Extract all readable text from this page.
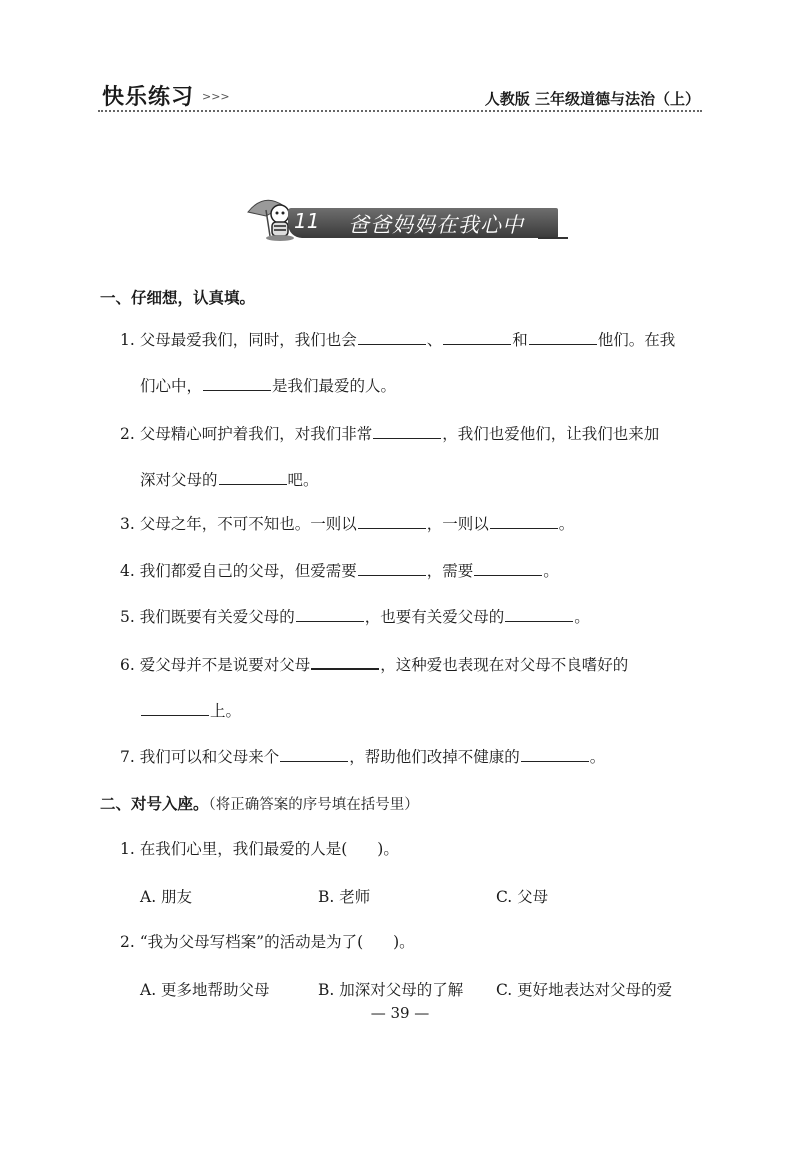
快乐练习 >>>	人教版 三年级道德与法治（上）
11 爸爸妈妈在我心中
一、仔细想，认真填。
1. 父母最爱我们，同时，我们也会	、	和	他们。在我
们心中，	是我们最爱的人。
2. 父母精心呵护着我们，对我们非常	，我们也爱他们，让我们也来加
深对父母的	吧。
3. 父母之年，不可不知也。一则以	，一则以	。
4. 我们都爱自己的父母，但爱需要	，需要	。
5. 我们既要有关爱父母的	，也要有关爱父母的	。
6. 爱父母并不是说要对父母	，这种爱也表现在对父母不良嗜好的
上。
7. 我们可以和父母来个	，帮助他们改掉不健康的	。
二、对号入座。（将正确答案的序号填在括号里）
1. 在我们心里，我们最爱的人是( )。
A. 朋友	B. 老师	C. 父母
2. “我为父母写档案”的活动是为了( )。
A. 更多地帮助父母	B. 加深对父母的了解 C. 更好地表达对父母的爱
— 39 —
